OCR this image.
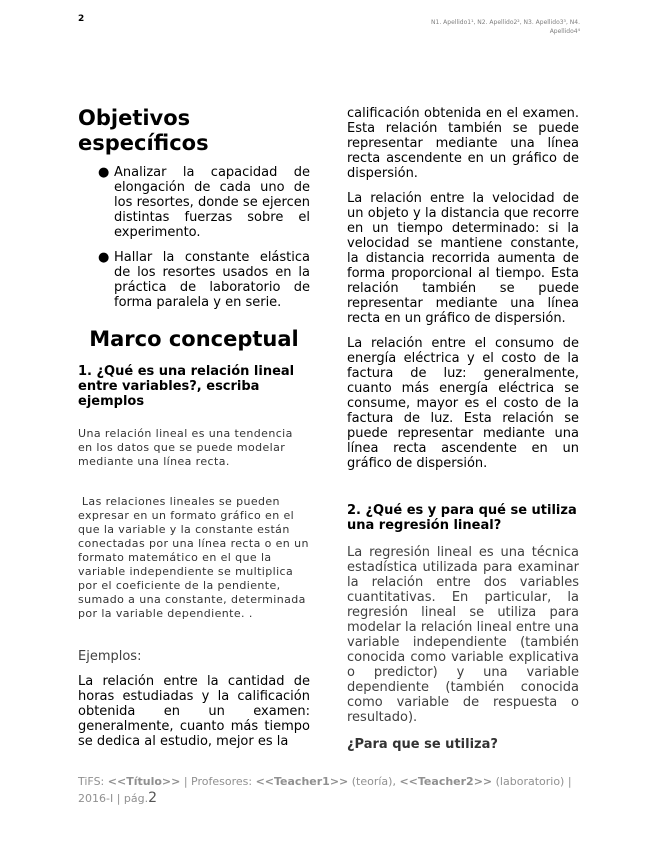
2	N1. Apellido1¹, N2. Apellido2², N3. Apellido3³, N4. Apellido4⁴
Objetivos específicos
● Analizar la capacidad de elongación de cada uno de los resortes, donde se ejercen distintas fuerzas sobre el experimento.
● Hallar la constante elástica de los resortes usados en la práctica de laboratorio de forma paralela y en serie.
Marco conceptual
1. ¿Qué es una relación lineal entre variables?, escriba ejemplos

Una relación lineal es una tendencia en los datos que se puede modelar mediante una línea recta.

Las relaciones lineales se pueden expresar en un formato gráfico en el que la variable y la constante están conectadas por una línea recta o en un formato matemático en el que la variable independiente se multiplica por el coeficiente de la pendiente, sumado a una constante, determinada por la variable dependiente. .

Ejemplos:

La relación entre la cantidad de horas estudiadas y la calificación obtenida en un examen: generalmente, cuanto más tiempo se dedica al estudio, mejor es la

calificación obtenida en el examen. Esta relación también se puede representar mediante una línea recta ascendente en un gráfico de dispersión.

La relación entre la velocidad de un objeto y la distancia que recorre en un tiempo determinado: si la velocidad se mantiene constante, la distancia recorrida aumenta de forma proporcional al tiempo. Esta relación también se puede representar mediante una línea recta en un gráfico de dispersión.

La relación entre el consumo de energía eléctrica y el costo de la factura de luz: generalmente, cuanto más energía eléctrica se consume, mayor es el costo de la factura de luz. Esta relación se puede representar mediante una línea recta ascendente en un gráfico de dispersión.

2. ¿Qué es y para qué se utiliza una regresión lineal?

La regresión lineal es una técnica estadística utilizada para examinar la relación entre dos variables cuantitativas. En particular, la regresión lineal se utiliza para modelar la relación lineal entre una variable independiente (también conocida como variable explicativa o predictor) y una variable dependiente (también conocida como variable de respuesta o resultado).

¿Para que se utiliza?
TiFS: <<Título>> | Profesores: <<Teacher1>> (teoría), <<Teacher2>> (laboratorio) | 2016-I | pág.2
